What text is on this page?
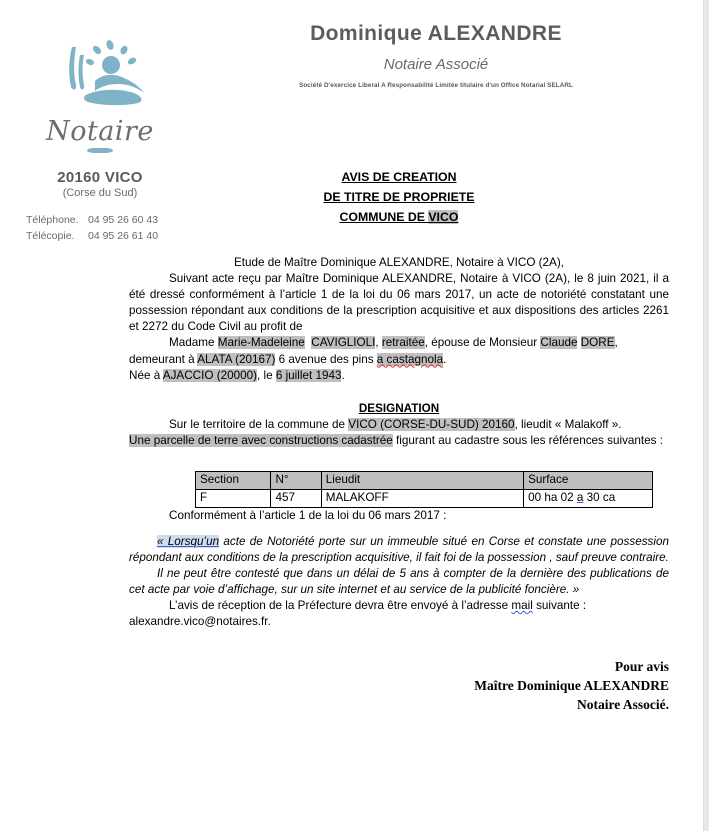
Notaire
20160 VICO
(Corse du Sud)
Téléphone. 04 95 26 60 43
Télécopie.	04 95 26 61 40
Dominique ALEXANDRE
Notaire Associé
Société D'exercice Liberal A Responsabilité Limitée titulaire d'un Office Notarial SELARL
AVIS DE CREATION
DE TITRE DE PROPRIETE
COMMUNE DE VICO
Etude de Maître Dominique ALEXANDRE, Notaire à VICO (2A),

Suivant acte reçu par Maître Dominique ALEXANDRE, Notaire à VICO (2A), le 8 juin 2021, il a été dressé conformément à l’article 1 de la loi du 06 mars 2017, un acte de notoriété constatant une possession répondant aux conditions de la prescription acquisitive et aux dispositions des articles 2261 et 2272 du Code Civil au profit de

Madame Marie-Madeleine CAVIGLIOLI, retraitée, épouse de Monsieur Claude DORE,
demeurant à ALATA (20167) 6 avenue des pins a castagnola.
Née à AJACCIO (20000), le 6 juillet 1943.

DESIGNATION

Sur le territoire de la commune de VICO (CORSE-DU-SUD) 20160, lieudit « Malakoff ».
Une parcelle de terre avec constructions cadastrée figurant au cadastre sous les références suivantes :

Section	N°	Lieudit	Surface
F	457	MALAKOFF	00 ha 02 a 30 ca

Conformément à l’article 1 de la loi du 06 mars 2017 :

« Lorsqu’un acte de Notoriété porte sur un immeuble situé en Corse et constate une possession répondant aux conditions de la prescription acquisitive, il fait foi de la possession , sauf preuve contraire.

Il ne peut être contesté que dans un délai de 5 ans à compter de la dernière des publications de cet acte par voie d’affichage, sur un site internet et au service de la publicité foncière. »

L’avis de réception de la Préfecture devra être envoyé à l’adresse mail suivante :
alexandre.vico@notaires.fr.

Pour avis
Maître Dominique ALEXANDRE
Notaire Associé.
